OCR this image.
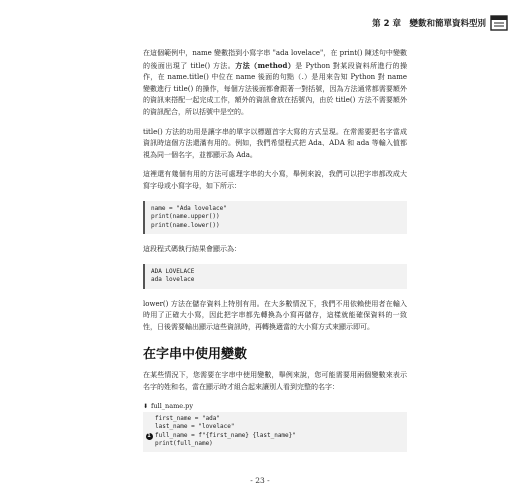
第 2 章　變數和簡單資料型別

在這個範例中，name 變數指到小寫字串 "ada lovelace"，在 print() 陳述句中變數的後面出現了 title() 方法。方法（method）是 Python 對某段資料所進行的操作，在 name.title() 中位在 name 後面的句點（.）是用來告知 Python 對 name 變數進行 title() 的操作，每個方法後面都會跟著一對括號，因為方法通常都需要額外的資訊來搭配一起完成工作，額外的資訊會放在括號內，由於 title() 方法不需要額外的資訊配合，所以括號中是空的。

title() 方法的功用是讓字串的單字以標題首字大寫的方式呈現。在常需要把名字當成資訊時這個方法還滿有用的。例如，我們希望程式把 Ada、ADA 和 ada 等輸入值都視為同一個名字，並都顯示為 Ada。

這裡還有幾個有用的方法可處理字串的大小寫，舉例來說，我們可以把字串都改成大寫字母或小寫字母，如下所示：

name = "Ada lovelace"
print(name.upper())
print(name.lower())

這段程式碼執行結果會顯示為：

ADA LOVELACE
ada lovelace

lower() 方法在儲存資料上特別有用。在大多數情況下，我們不用依賴使用者在輸入時用了正確大小寫，因此把字串都先轉換為小寫再儲存，這樣就能確保資料的一致性，日後需要輸出顯示這些資訊時，再轉換適當的大小寫方式來顯示即可。

在字串中使用變數

在某些情況下，您需要在字串中使用變數，舉例來說，您可能需要用兩個變數來表示名字的姓和名，當在顯示時才組合起來讓別人看到完整的名字：

⬇ full_name.py
first_name = "ada"
last_name = "lovelace"
1 full_name = f"{first_name} {last_name}"
print(full_name)
- 23 -
